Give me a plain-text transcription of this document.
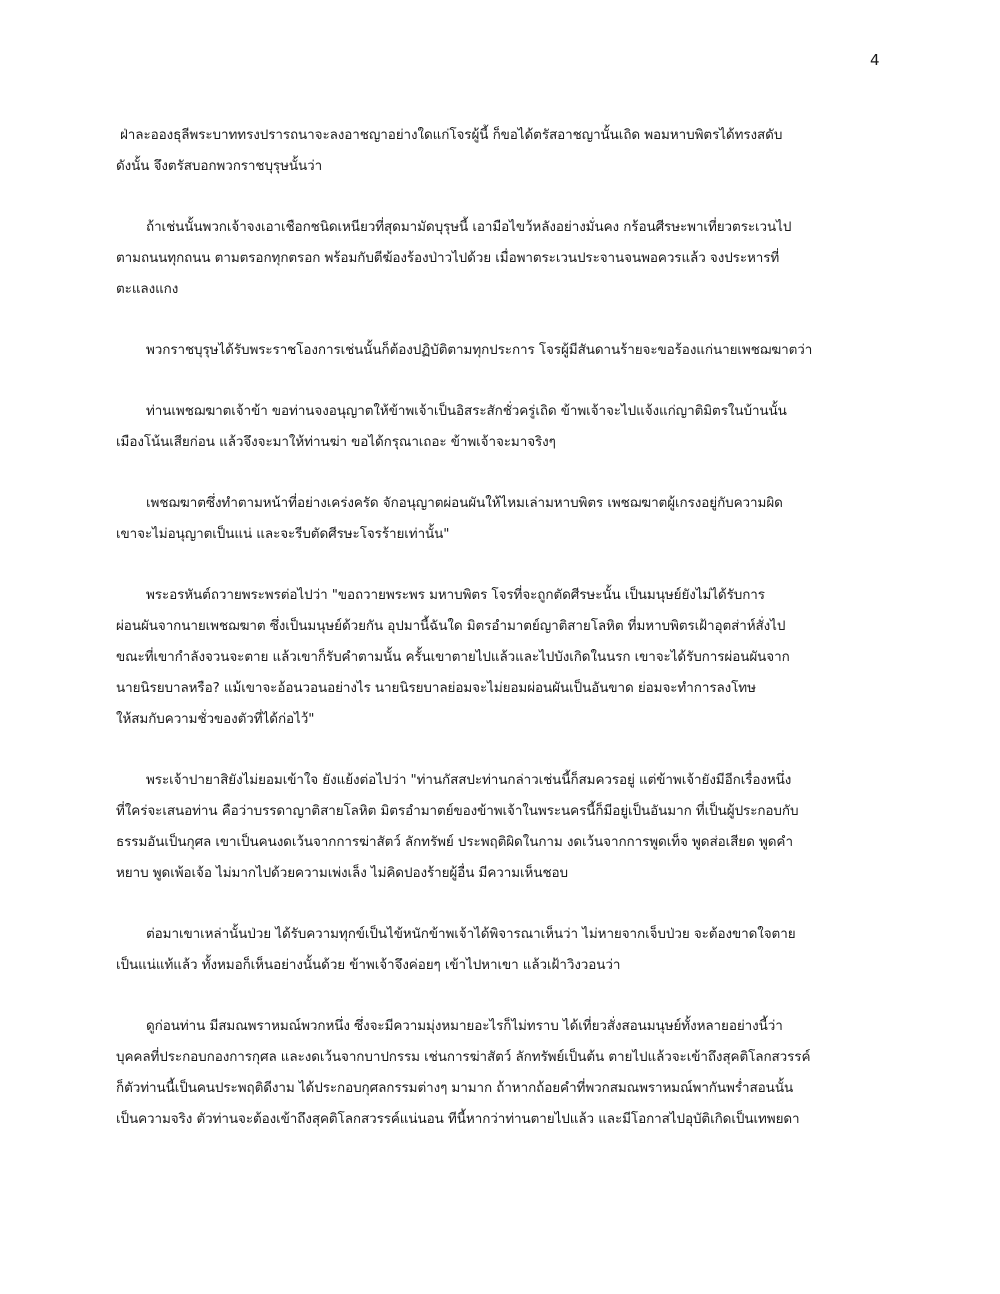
4
ฝ่าละอองธุลีพระบาททรงปรารถนาจะลงอาชญาอย่างใดแก่โจรผู้นี้ ก็ขอได้ตรัสอาชญานั้นเถิด พอมหาบพิตรได้ทรงสดับ
ดังนั้น จึงตรัสบอกพวกราชบุรุษนั้นว่า
ถ้าเช่นนั้นพวกเจ้าจงเอาเชือกชนิดเหนียวที่สุดมามัดบุรุษนี้ เอามือไขว้หลังอย่างมั่นคง กร้อนศีรษะพาเที่ยวตระเวนไป
ตามถนนทุกถนน ตามตรอกทุกตรอก พร้อมกับตีฆ้องร้องป่าวไปด้วย เมื่อพาตระเวนประจานจนพอควรแล้ว จงประหารที่
ตะแลงแกง
พวกราชบุรุษได้รับพระราชโองการเช่นนั้นก็ต้องปฏิบัติตามทุกประการ โจรผู้มีสันดานร้ายจะขอร้องแก่นายเพชฌฆาตว่า
ท่านเพชฌฆาตเจ้าข้า ขอท่านจงอนุญาตให้ข้าพเจ้าเป็นอิสระสักชั่วครู่เถิด ข้าพเจ้าจะไปแจ้งแก่ญาติมิตรในบ้านนั้น
เมืองโน้นเสียก่อน แล้วจึงจะมาให้ท่านฆ่า ขอได้กรุณาเถอะ ข้าพเจ้าจะมาจริงๆ
เพชฌฆาตซึ่งทำตามหน้าที่อย่างเคร่งครัด จักอนุญาตผ่อนผันให้ไหมเล่ามหาบพิตร เพชฌฆาตผู้เกรงอยู่กับความผิด
เขาจะไม่อนุญาตเป็นแน่ และจะรีบตัดศีรษะโจรร้ายเท่านั้น"
พระอรหันต์ถวายพระพรต่อไปว่า "ขอถวายพระพร มหาบพิตร โจรที่จะถูกตัดศีรษะนั้น เป็นมนุษย์ยังไม่ได้รับการ
ผ่อนผันจากนายเพชฌฆาต ซึ่งเป็นมนุษย์ด้วยกัน อุปมานี้ฉันใด มิตรอำมาตย์ญาติสายโลหิต ที่มหาบพิตรเฝ้าอุตส่าห์สั่งไป
ขณะที่เขากำลังจวนจะตาย แล้วเขาก็รับคำตามนั้น ครั้นเขาตายไปแล้วและไปบังเกิดในนรก เขาจะได้รับการผ่อนผันจาก
นายนิรยบาลหรือ? แม้เขาจะอ้อนวอนอย่างไร นายนิรยบาลย่อมจะไม่ยอมผ่อนผันเป็นอันขาด ย่อมจะทำการลงโทษ
ให้สมกับความชั่วของตัวที่ได้ก่อไว้"
พระเจ้าปายาสิยังไม่ยอมเข้าใจ ยังแย้งต่อไปว่า "ท่านกัสสปะท่านกล่าวเช่นนี้ก็สมควรอยู่ แต่ข้าพเจ้ายังมีอีกเรื่องหนึ่ง
ที่ใคร่จะเสนอท่าน คือว่าบรรดาญาติสายโลหิต มิตรอำมาตย์ของข้าพเจ้าในพระนครนี้ก็มีอยู่เป็นอันมาก ที่เป็นผู้ประกอบกับ
ธรรมอันเป็นกุศล เขาเป็นคนงดเว้นจากการฆ่าสัตว์ ลักทรัพย์ ประพฤติผิดในกาม งดเว้นจากการพูดเท็จ พูดส่อเสียด พูดคำ
หยาบ พูดเพ้อเจ้อ ไม่มากไปด้วยความเพ่งเล็ง ไม่คิดปองร้ายผู้อื่น มีความเห็นชอบ
ต่อมาเขาเหล่านั้นป่วย ได้รับความทุกข์เป็นไข้หนักข้าพเจ้าได้พิจารณาเห็นว่า ไม่หายจากเจ็บป่วย จะต้องขาดใจตาย
เป็นแน่แท้แล้ว ทั้งหมอก็เห็นอย่างนั้นด้วย ข้าพเจ้าจึงค่อยๆ เข้าไปหาเขา แล้วเฝ้าวิงวอนว่า
ดูก่อนท่าน มีสมณพราหมณ์พวกหนึ่ง ซึ่งจะมีความมุ่งหมายอะไรก็ไม่ทราบ ได้เที่ยวสั่งสอนมนุษย์ทั้งหลายอย่างนี้ว่า
บุคคลที่ประกอบกองการกุศล และงดเว้นจากบาปกรรม เช่นการฆ่าสัตว์ ลักทรัพย์เป็นต้น ตายไปแล้วจะเข้าถึงสุคติโลกสวรรค์
ก็ตัวท่านนี้เป็นคนประพฤติดีงาม ได้ประกอบกุศลกรรมต่างๆ มามาก ถ้าหากถ้อยคำที่พวกสมณพราหมณ์พากันพร่ำสอนนั้น
เป็นความจริง ตัวท่านจะต้องเข้าถึงสุคติโลกสวรรค์แน่นอน ทีนี้หากว่าท่านตายไปแล้ว และมีโอกาสไปอุบัติเกิดเป็นเทพยดา
